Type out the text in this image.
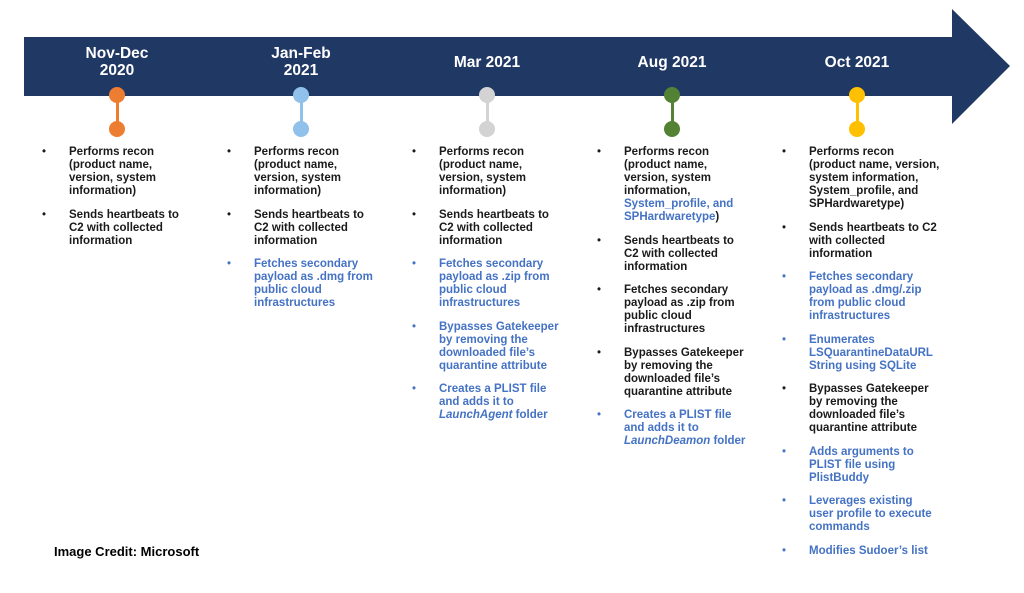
Nov-Dec
2020
• Performs recon (product name, version, system information)
• Sends heartbeats to C2 with collected information
Jan-Feb
2021
• Performs recon (product name, version, system information)
• Sends heartbeats to C2 with collected information
• Fetches secondary payload as .dmg from public cloud infrastructures
Mar 2021
• Performs recon (product name, version, system information)
• Sends heartbeats to C2 with collected information
• Fetches secondary payload as .zip from public cloud infrastructures
• Bypasses Gatekeeper by removing the downloaded file’s quarantine attribute
• Creates a PLIST file and adds it to LaunchAgent folder
Aug 2021
• Performs recon (product name, version, system information, System_profile, and SPHardwaretype)
• Sends heartbeats to C2 with collected information
• Fetches secondary payload as .zip from public cloud infrastructures
• Bypasses Gatekeeper by removing the downloaded file’s quarantine attribute
• Creates a PLIST file and adds it to LaunchDeamon folder
Oct 2021
• Performs recon (product name, version, system information, System_profile, and SPHardwaretype)
• Sends heartbeats to C2 with collected information
• Fetches secondary payload as .dmg/.zip from public cloud infrastructures
• Enumerates LSQuarantineDataURL String using SQLite
• Bypasses Gatekeeper by removing the downloaded file’s quarantine attribute
• Adds arguments to PLIST file using PlistBuddy
• Leverages existing user profile to execute commands
• Modifies Sudoer’s list
Image Credit: Microsoft
